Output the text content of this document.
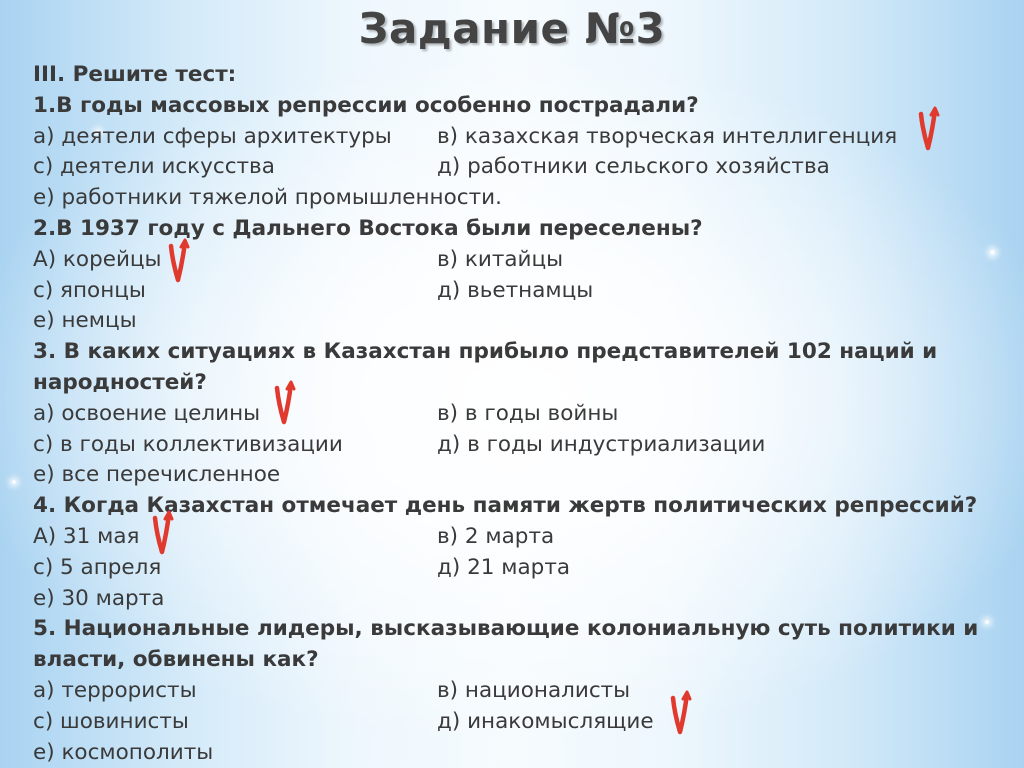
Задание №3
III. Решите тест:
1.В годы массовых репрессии особенно пострадали?
а) деятели сферы архитектуры в) казахская творческая интеллигенция
с) деятели искусства	д) работники сельского хозяйства
е) работники тяжелой промышленности.
2.В 1937 году с Дальнего Востока были переселены?
А) корейцы	в) китайцы
с) японцы	д) вьетнамцы
е) немцы
3. В каких ситуациях в Казахстан прибыло представителей 102 наций и
народностей?
а) освоение целины	в) в годы войны
с) в годы коллективизации	д) в годы индустриализации
е) все перечисленное
4. Когда Казахстан отмечает день памяти жертв политических репрессий?
А) 31 мая	в) 2 марта
с) 5 апреля	д) 21 марта
е) 30 марта
5. Национальные лидеры, высказывающие колониальную суть политики и
власти, обвинены как?
а) террористы	в) националисты
с) шовинисты	д) инакомыслящие
е) космополиты
